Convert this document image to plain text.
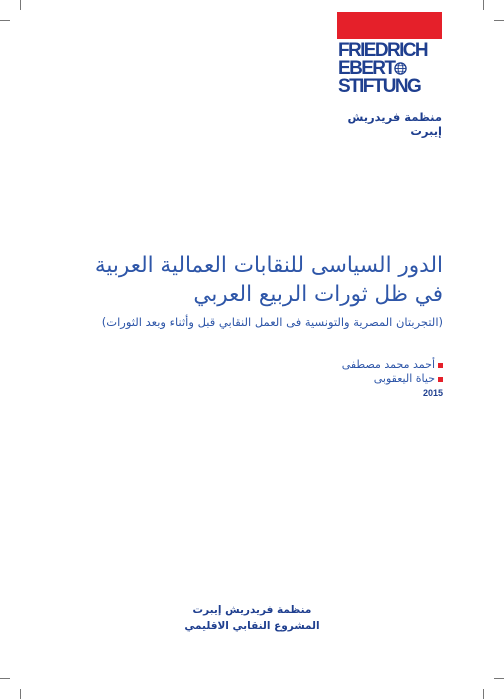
FRIEDRICH
EBERT
STIFTUNG
منظمة فريدريش إيبرت
الدور السياسى للنقابات العمالية العربية
في ظل ثورات الربيع العربي
(التجربتان المصرية والتونسية فى العمل النقابي قبل وأثناء وبعد الثورات)
أحمد محمد مصطفى
حياة اليعقوبى
2015
منظمة فريدريش إيبرت
المشروع النقابي الاقليمي
